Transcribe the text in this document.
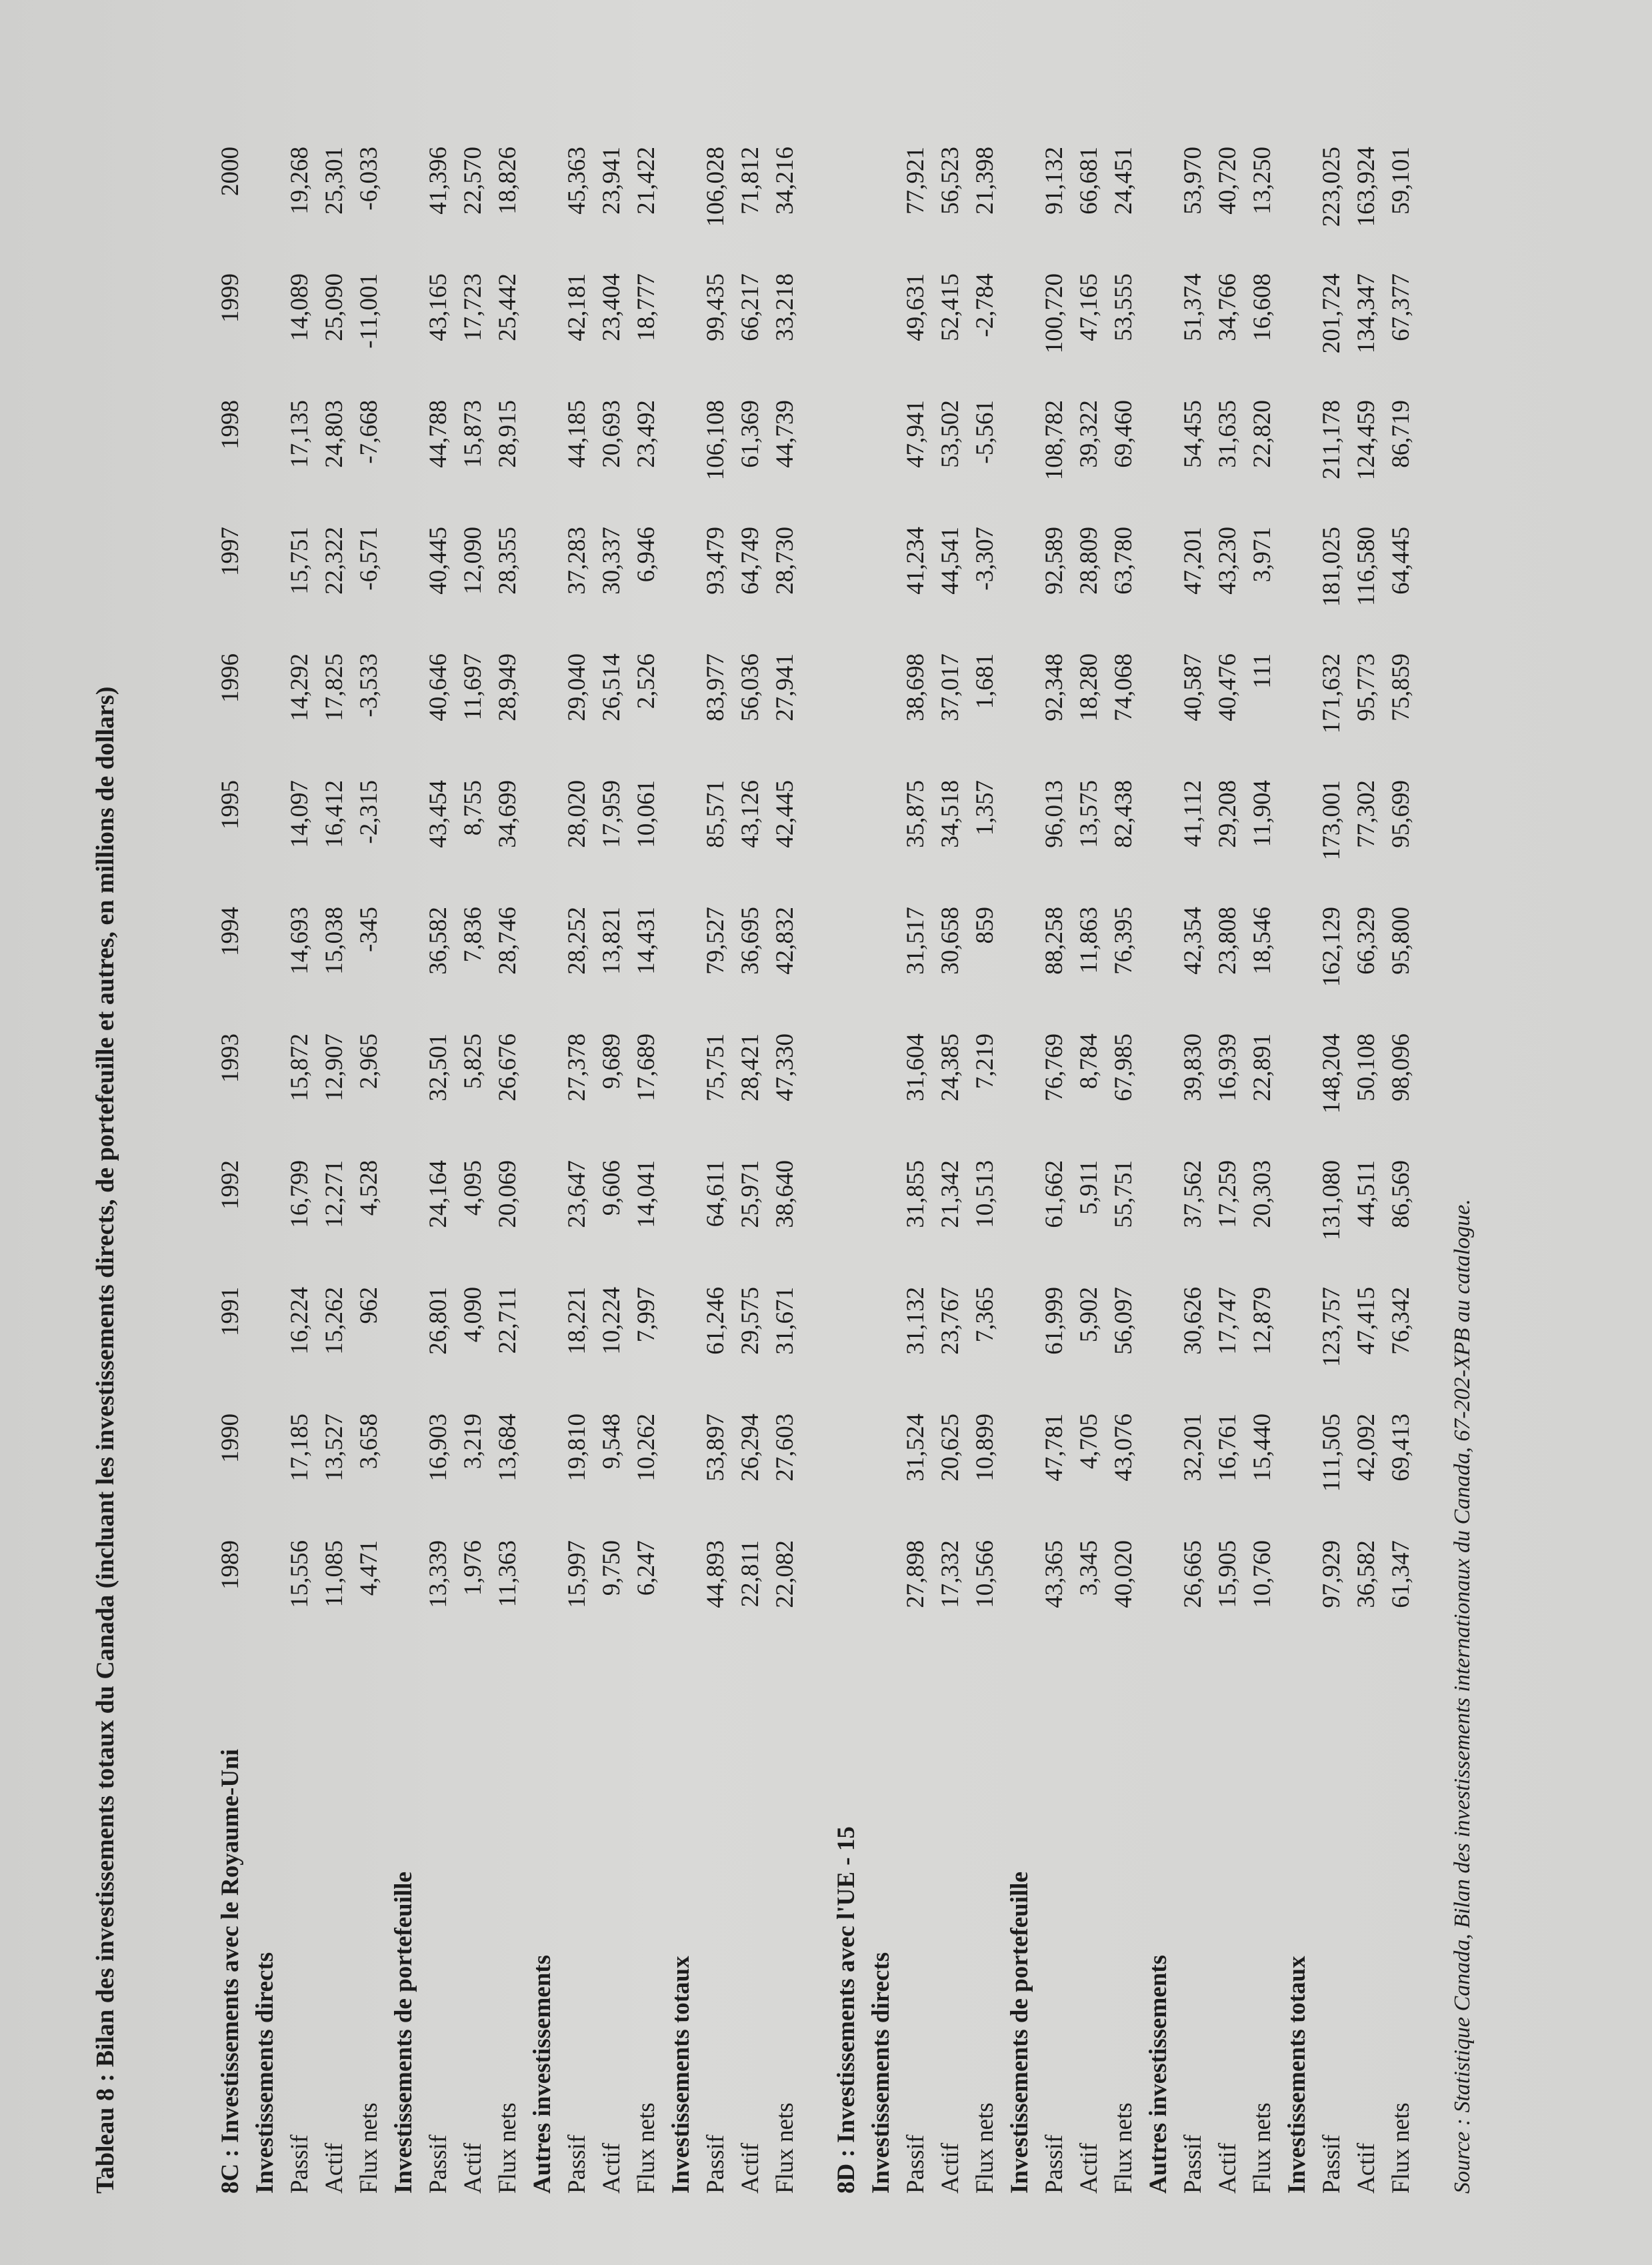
Tableau 8 : Bilan des investissements totaux du Canada (incluant les investissements directs, de portefeuille et autres, en millions de dollars)	8C : Investissements avec le Royaume-Uni	1989	1990	1991	1992	1993	1994	1995	1996	1997	1998	1999	2000
Investissements directs												
Passif	15,556	17,185	16,224	16,799	15,872	14,693	14,097	14,292	15,751	17,135	14,089	19,268
Actif	11,085	13,527	15,262	12,271	12,907	15,038	16,412	17,825	22,322	24,803	25,090	25,301
Flux nets	4,471	3,658	962	4,528	2,965	-345	-2,315	-3,533	-6,571	-7,668	-11,001	-6,033
Investissements de portefeuille												
Passif	13,339	16,903	26,801	24,164	32,501	36,582	43,454	40,646	40,445	44,788	43,165	41,396
Actif	1,976	3,219	4,090	4,095	5,825	7,836	8,755	11,697	12,090	15,873	17,723	22,570
Flux nets	11,363	13,684	22,711	20,069	26,676	28,746	34,699	28,949	28,355	28,915	25,442	18,826
Autres investissements												
Passif	15,997	19,810	18,221	23,647	27,378	28,252	28,020	29,040	37,283	44,185	42,181	45,363
Actif	9,750	9,548	10,224	9,606	9,689	13,821	17,959	26,514	30,337	20,693	23,404	23,941
Flux nets	6,247	10,262	7,997	14,041	17,689	14,431	10,061	2,526	6,946	23,492	18,777	21,422
Investissements totaux												
Passif	44,893	53,897	61,246	64,611	75,751	79,527	85,571	83,977	93,479	106,108	99,435	106,028
Actif	22,811	26,294	29,575	25,971	28,421	36,695	43,126	56,036	64,749	61,369	66,217	71,812
Flux nets	22,082	27,603	31,671	38,640	47,330	42,832	42,445	27,941	28,730	44,739	33,218	34,216

8D : Investissements avec l'UE - 15												
Investissements directs												
Passif	27,898	31,524	31,132	31,855	31,604	31,517	35,875	38,698	41,234	47,941	49,631	77,921
Actif	17,332	20,625	23,767	21,342	24,385	30,658	34,518	37,017	44,541	53,502	52,415	56,523
Flux nets	10,566	10,899	7,365	10,513	7,219	859	1,357	1,681	-3,307	-5,561	-2,784	21,398
Investissements de portefeuille												
Passif	43,365	47,781	61,999	61,662	76,769	88,258	96,013	92,348	92,589	108,782	100,720	91,132
Actif	3,345	4,705	5,902	5,911	8,784	11,863	13,575	18,280	28,809	39,322	47,165	66,681
Flux nets	40,020	43,076	56,097	55,751	67,985	76,395	82,438	74,068	63,780	69,460	53,555	24,451
Autres investissements												
Passif	26,665	32,201	30,626	37,562	39,830	42,354	41,112	40,587	47,201	54,455	51,374	53,970
Actif	15,905	16,761	17,747	17,259	16,939	23,808	29,208	40,476	43,230	31,635	34,766	40,720
Flux nets	10,760	15,440	12,879	20,303	22,891	18,546	11,904	111	3,971	22,820	16,608	13,250
Investissements totaux												
Passif	97,929	111,505	123,757	131,080	148,204	162,129	173,001	171,632	181,025	211,178	201,724	223,025
Actif	36,582	42,092	47,415	44,511	50,108	66,329	77,302	95,773	116,580	124,459	134,347	163,924
Flux nets	61,347	69,413	76,342	86,569	98,096	95,800	95,699	75,859	64,445	86,719	67,377	59,101
Source : Statistique Canada, Bilan des investissements internationaux du Canada, 67-202-XPB au catalogue.
